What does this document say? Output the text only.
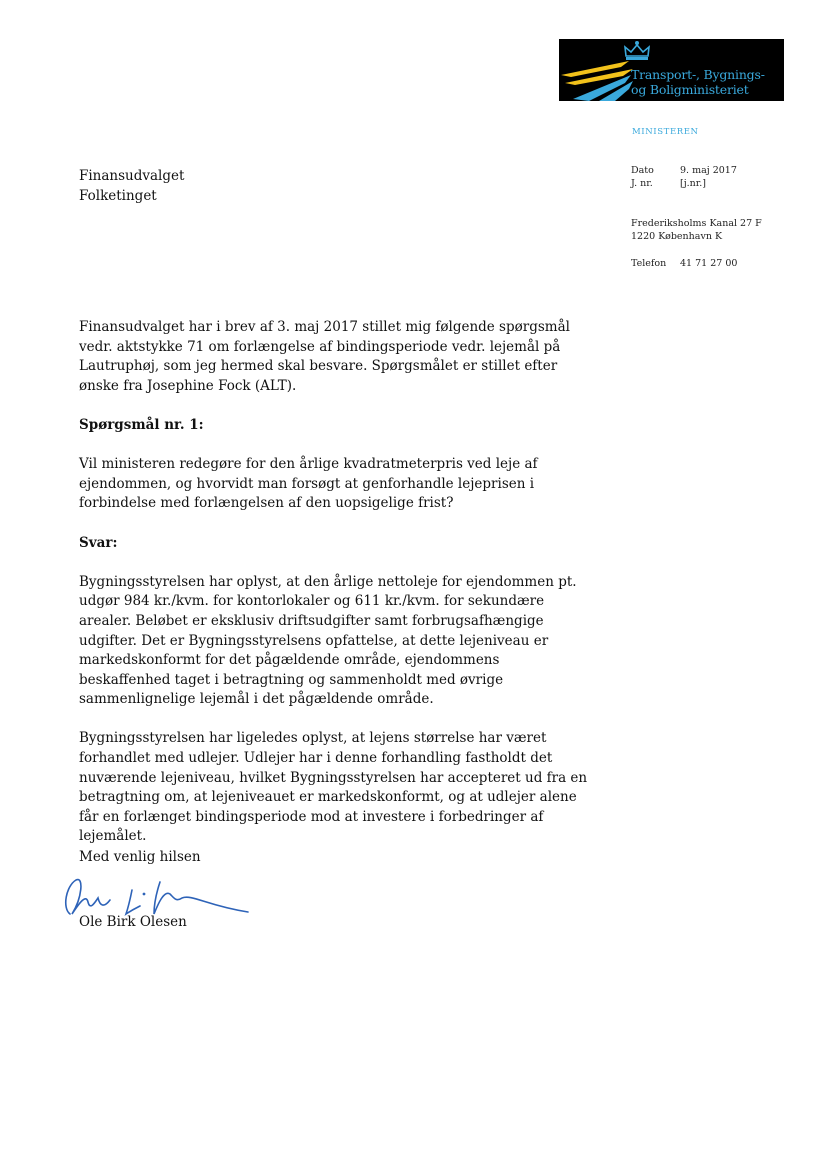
Transport-, Bygnings-
og Boligministeriet
MINISTEREN
Dato	9. maj 2017
J. nr.	[j.nr.]
Frederiksholms Kanal 27 F
1220 København K
Telefon 41 71 27 00
Finansudvalget
Folketinget

Finansudvalget har i brev af 3. maj 2017 stillet mig følgende spørgsmål vedr. aktstykke 71 om forlængelse af bindingsperiode vedr. lejemål på Lautruphøj, som jeg hermed skal besvare. Spørgsmålet er stillet efter ønske fra Josephine Fock (ALT).

Spørgsmål nr. 1:

Vil ministeren redegøre for den årlige kvadratmeterpris ved leje af ejendommen, og hvorvidt man forsøgt at genforhandle lejeprisen i forbindelse med forlængelsen af den uopsigelige frist?

Svar:

Bygningsstyrelsen har oplyst, at den årlige nettoleje for ejendommen pt. udgør 984 kr./kvm. for kontorlokaler og 611 kr./kvm. for sekundære arealer. Beløbet er eksklusiv driftsudgifter samt forbrugsafhængige udgifter. Det er Bygningsstyrelsens opfattelse, at dette lejeniveau er markedskonformt for det pågældende område, ejendommens beskaffenhed taget i betragtning og sammenholdt med øvrige sammenlignelige lejemål i det pågældende område.

Bygningsstyrelsen har ligeledes oplyst, at lejens størrelse har været forhandlet med udlejer. Udlejer har i denne forhandling fastholdt det nuværende lejeniveau, hvilket Bygningsstyrelsen har accepteret ud fra en betragtning om, at lejeniveauet er markedskonformt, og at udlejer alene får en forlænget bindingsperiode mod at investere i forbedringer af lejemålet.

Med venlig hilsen
Ole Birk Olesen
